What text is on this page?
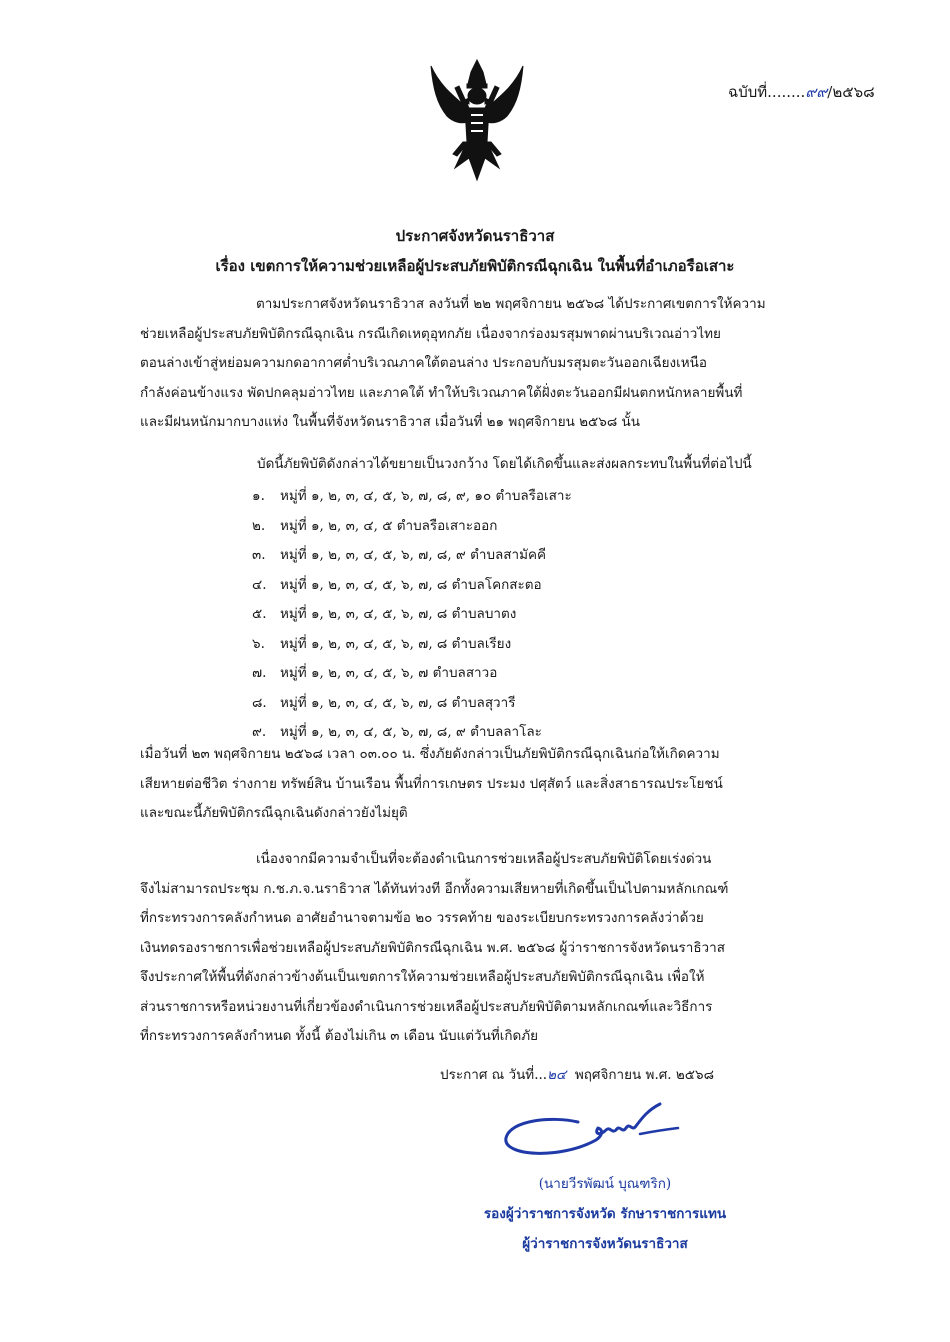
ฉบับที่........๙๙/๒๕๖๘
ประกาศจังหวัดนราธิวาส
เรื่อง เขตการให้ความช่วยเหลือผู้ประสบภัยพิบัติกรณีฉุกเฉิน ในพื้นที่อำเภอรือเสาะ
ตามประกาศจังหวัดนราธิวาส ลงวันที่ ๒๒ พฤศจิกายน ๒๕๖๘ ได้ประกาศเขตการให้ความ
ช่วยเหลือผู้ประสบภัยพิบัติกรณีฉุกเฉิน กรณีเกิดเหตุอุทกภัย เนื่องจากร่องมรสุมพาดผ่านบริเวณอ่าวไทย
ตอนล่างเข้าสู่หย่อมความกดอากาศต่ำบริเวณภาคใต้ตอนล่าง ประกอบกับมรสุมตะวันออกเฉียงเหนือ
กำลังค่อนข้างแรง พัดปกคลุมอ่าวไทย และภาคใต้ ทำให้บริเวณภาคใต้ฝั่งตะวันออกมีฝนตกหนักหลายพื้นที่
และมีฝนหนักมากบางแห่ง ในพื้นที่จังหวัดนราธิวาส เมื่อวันที่ ๒๑ พฤศจิกายน ๒๕๖๘ นั้น
บัดนี้ภัยพิบัติดังกล่าวได้ขยายเป็นวงกว้าง โดยได้เกิดขึ้นและส่งผลกระทบในพื้นที่ต่อไปนี้
๑. หมู่ที่ ๑, ๒, ๓, ๔, ๕, ๖, ๗, ๘, ๙, ๑๐ ตำบลรือเสาะ
๒. หมู่ที่ ๑, ๒, ๓, ๔, ๕ ตำบลรือเสาะออก
๓. หมู่ที่ ๑, ๒, ๓, ๔, ๕, ๖, ๗, ๘, ๙ ตำบลสามัคคี
๔. หมู่ที่ ๑, ๒, ๓, ๔, ๕, ๖, ๗, ๘ ตำบลโคกสะตอ
๕. หมู่ที่ ๑, ๒, ๓, ๔, ๕, ๖, ๗, ๘ ตำบลบาตง
๖. หมู่ที่ ๑, ๒, ๓, ๔, ๕, ๖, ๗, ๘ ตำบลเรียง
๗. หมู่ที่ ๑, ๒, ๓, ๔, ๕, ๖, ๗ ตำบลสาวอ
๘. หมู่ที่ ๑, ๒, ๓, ๔, ๕, ๖, ๗, ๘ ตำบลสุวารี
๙. หมู่ที่ ๑, ๒, ๓, ๔, ๕, ๖, ๗, ๘, ๙ ตำบลลาโละ
เมื่อวันที่ ๒๓ พฤศจิกายน ๒๕๖๘ เวลา ๐๓.๐๐ น. ซึ่งภัยดังกล่าวเป็นภัยพิบัติกรณีฉุกเฉินก่อให้เกิดความ
เสียหายต่อชีวิต ร่างกาย ทรัพย์สิน บ้านเรือน พื้นที่การเกษตร ประมง ปศุสัตว์ และสิ่งสาธารณประโยชน์
และขณะนี้ภัยพิบัติกรณีฉุกเฉินดังกล่าวยังไม่ยุติ
เนื่องจากมีความจำเป็นที่จะต้องดำเนินการช่วยเหลือผู้ประสบภัยพิบัติโดยเร่งด่วน
จึงไม่สามารถประชุม ก.ช.ภ.จ.นราธิวาส ได้ทันท่วงที อีกทั้งความเสียหายที่เกิดขึ้นเป็นไปตามหลักเกณฑ์
ที่กระทรวงการคลังกำหนด อาศัยอำนาจตามข้อ ๒๐ วรรคท้าย ของระเบียบกระทรวงการคลังว่าด้วย
เงินทดรองราชการเพื่อช่วยเหลือผู้ประสบภัยพิบัติกรณีฉุกเฉิน พ.ศ. ๒๕๖๘ ผู้ว่าราชการจังหวัดนราธิวาส
จึงประกาศให้พื้นที่ดังกล่าวข้างต้นเป็นเขตการให้ความช่วยเหลือผู้ประสบภัยพิบัติกรณีฉุกเฉิน เพื่อให้
ส่วนราชการหรือหน่วยงานที่เกี่ยวข้องดำเนินการช่วยเหลือผู้ประสบภัยพิบัติตามหลักเกณฑ์และวิธีการ
ที่กระทรวงการคลังกำหนด ทั้งนี้ ต้องไม่เกิน ๓ เดือน นับแต่วันที่เกิดภัย
ประกาศ ณ วันที่...๒๔ พฤศจิกายน พ.ศ. ๒๕๖๘
(นายวีรพัฒน์ บุณฑริก)
รองผู้ว่าราชการจังหวัด รักษาราชการแทน
ผู้ว่าราชการจังหวัดนราธิวาส
